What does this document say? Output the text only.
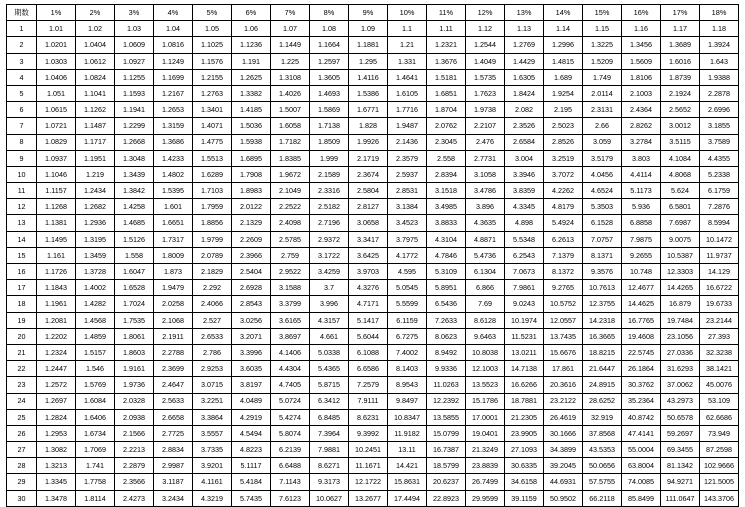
期数	1%	2%	3%	4%	5%	6%	7%	8%	9%	10%	11%	12%	13%	14%	15%	16%	17%	18%
1	1.01	1.02	1.03	1.04	1.05	1.06	1.07	1.08	1.09	1.1	1.11	1.12	1.13	1.14	1.15	1.16	1.17	1.18
2	1.0201	1.0404	1.0609	1.0816	1.1025	1.1236	1.1449	1.1664	1.1881	1.21	1.2321	1.2544	1.2769	1.2996	1.3225	1.3456	1.3689	1.3924
3	1.0303	1.0612	1.0927	1.1249	1.1576	1.191	1.225	1.2597	1.295	1.331	1.3676	1.4049	1.4429	1.4815	1.5209	1.5609	1.6016	1.643
4	1.0406	1.0824	1.1255	1.1699	1.2155	1.2625	1.3108	1.3605	1.4116	1.4641	1.5181	1.5735	1.6305	1.689	1.749	1.8106	1.8739	1.9388
5	1.051	1.1041	1.1593	1.2167	1.2763	1.3382	1.4026	1.4693	1.5386	1.6105	1.6851	1.7623	1.8424	1.9254	2.0114	2.1003	2.1924	2.2878
6	1.0615	1.1262	1.1941	1.2653	1.3401	1.4185	1.5007	1.5869	1.6771	1.7716	1.8704	1.9738	2.082	2.195	2.3131	2.4364	2.5652	2.6996
7	1.0721	1.1487	1.2299	1.3159	1.4071	1.5036	1.6058	1.7138	1.828	1.9487	2.0762	2.2107	2.3526	2.5023	2.66	2.8262	3.0012	3.1855
8	1.0829	1.1717	1.2668	1.3686	1.4775	1.5938	1.7182	1.8509	1.9926	2.1436	2.3045	2.476	2.6584	2.8526	3.059	3.2784	3.5115	3.7589
9	1.0937	1.1951	1.3048	1.4233	1.5513	1.6895	1.8385	1.999	2.1719	2.3579	2.558	2.7731	3.004	3.2519	3.5179	3.803	4.1084	4.4355
10	1.1046	1.219	1.3439	1.4802	1.6289	1.7908	1.9672	2.1589	2.3674	2.5937	2.8394	3.1058	3.3946	3.7072	4.0456	4.4114	4.8068	5.2338
11	1.1157	1.2434	1.3842	1.5395	1.7103	1.8983	2.1049	2.3316	2.5804	2.8531	3.1518	3.4786	3.8359	4.2262	4.6524	5.1173	5.624	6.1759
12	1.1268	1.2682	1.4258	1.601	1.7959	2.0122	2.2522	2.5182	2.8127	3.1384	3.4985	3.896	4.3345	4.8179	5.3503	5.936	6.5801	7.2876
13	1.1381	1.2936	1.4685	1.6651	1.8856	2.1329	2.4098	2.7196	3.0658	3.4523	3.8833	4.3635	4.898	5.4924	6.1528	6.8858	7.6987	8.5994
14	1.1495	1.3195	1.5126	1.7317	1.9799	2.2609	2.5785	2.9372	3.3417	3.7975	4.3104	4.8871	5.5348	6.2613	7.0757	7.9875	9.0075	10.1472
15	1.161	1.3459	1.558	1.8009	2.0789	2.3966	2.759	3.1722	3.6425	4.1772	4.7846	5.4736	6.2543	7.1379	8.1371	9.2655	10.5387	11.9737
16	1.1726	1.3728	1.6047	1.873	2.1829	2.5404	2.9522	3.4259	3.9703	4.595	5.3109	6.1304	7.0673	8.1372	9.3576	10.748	12.3303	14.129
17	1.1843	1.4002	1.6528	1.9479	2.292	2.6928	3.1588	3.7	4.3276	5.0545	5.8951	6.866	7.9861	9.2765	10.7613	12.4677	14.4265	16.6722
18	1.1961	1.4282	1.7024	2.0258	2.4066	2.8543	3.3799	3.996	4.7171	5.5599	6.5436	7.69	9.0243	10.5752	12.3755	14.4625	16.879	19.6733
19	1.2081	1.4568	1.7535	2.1068	2.527	3.0256	3.6165	4.3157	5.1417	6.1159	7.2633	8.6128	10.1974	12.0557	14.2318	16.7765	19.7484	23.2144
20	1.2202	1.4859	1.8061	2.1911	2.6533	3.2071	3.8697	4.661	5.6044	6.7275	8.0623	9.6463	11.5231	13.7435	16.3665	19.4608	23.1056	27.393
21	1.2324	1.5157	1.8603	2.2788	2.786	3.3996	4.1406	5.0338	6.1088	7.4002	8.9492	10.8038	13.0211	15.6676	18.8215	22.5745	27.0336	32.3238
22	1.2447	1.546	1.9161	2.3699	2.9253	3.6035	4.4304	5.4365	6.6586	8.1403	9.9336	12.1003	14.7138	17.861	21.6447	26.1864	31.6293	38.1421
23	1.2572	1.5769	1.9736	2.4647	3.0715	3.8197	4.7405	5.8715	7.2579	8.9543	11.0263	13.5523	16.6266	20.3616	24.8915	30.3762	37.0062	45.0076
24	1.2697	1.6084	2.0328	2.5633	3.2251	4.0489	5.0724	6.3412	7.9111	9.8497	12.2392	15.1786	18.7881	23.2122	28.6252	35.2364	43.2973	53.109
25	1.2824	1.6406	2.0938	2.6658	3.3864	4.2919	5.4274	6.8485	8.6231	10.8347	13.5855	17.0001	21.2305	26.4619	32.919	40.8742	50.6578	62.6686
26	1.2953	1.6734	2.1566	2.7725	3.5557	4.5494	5.8074	7.3964	9.3992	11.9182	15.0799	19.0401	23.9905	30.1666	37.8568	47.4141	59.2697	73.949
27	1.3082	1.7069	2.2213	2.8834	3.7335	4.8223	6.2139	7.9881	10.2451	13.11	16.7387	21.3249	27.1093	34.3899	43.5353	55.0004	69.3455	87.2598
28	1.3213	1.741	2.2879	2.9987	3.9201	5.1117	6.6488	8.6271	11.1671	14.421	18.5799	23.8839	30.6335	39.2045	50.0656	63.8004	81.1342	102.9666
29	1.3345	1.7758	2.3566	3.1187	4.1161	5.4184	7.1143	9.3173	12.1722	15.8631	20.6237	26.7499	34.6158	44.6931	57.5755	74.0085	94.9271	121.5005
30	1.3478	1.8114	2.4273	3.2434	4.3219	5.7435	7.6123	10.0627	13.2677	17.4494	22.8923	29.9599	39.1159	50.9502	66.2118	85.8499	111.0647	143.3706
